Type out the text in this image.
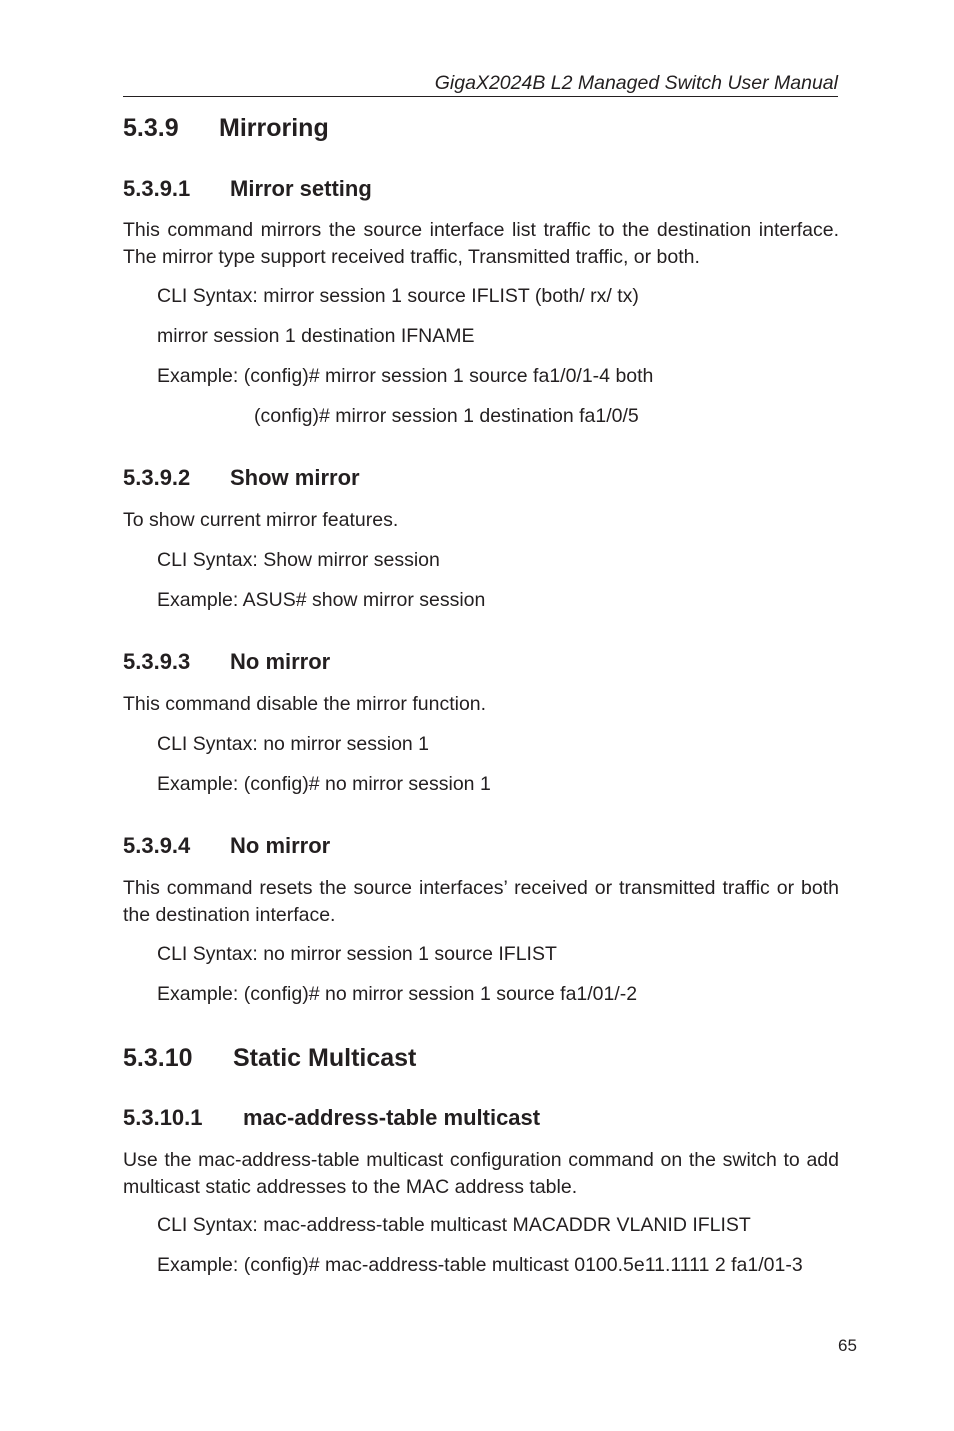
GigaX2024B L2 Managed Switch User Manual
5.3.9 Mirroring
5.3.9.1 Mirror setting
This command mirrors the source interface list traffic to the destination interface. The mirror type support received traffic, Transmitted traffic, or both.
CLI Syntax: mirror session 1 source IFLIST (both/ rx/ tx)
mirror session 1 destination IFNAME
Example: (config)# mirror session 1 source fa1/0/1-4 both
(config)# mirror session 1 destination fa1/0/5
5.3.9.2 Show mirror
To show current mirror features.
CLI Syntax: Show mirror session
Example: ASUS# show mirror session
5.3.9.3 No mirror
This command disable the mirror function.
CLI Syntax: no mirror session 1
Example: (config)# no mirror session 1
5.3.9.4 No mirror
This command resets the source interfaces’ received or transmitted traffic or both the destination interface.
CLI Syntax: no mirror session 1 source IFLIST
Example: (config)# no mirror session 1 source fa1/01/-2
5.3.10 Static Multicast
5.3.10.1 mac-address-table multicast
Use the mac-address-table multicast configuration command on the switch to add multicast static addresses to the MAC address table.
CLI Syntax: mac-address-table multicast MACADDR VLANID IFLIST
Example: (config)# mac-address-table multicast 0100.5e11.1111 2 fa1/01-3
65
